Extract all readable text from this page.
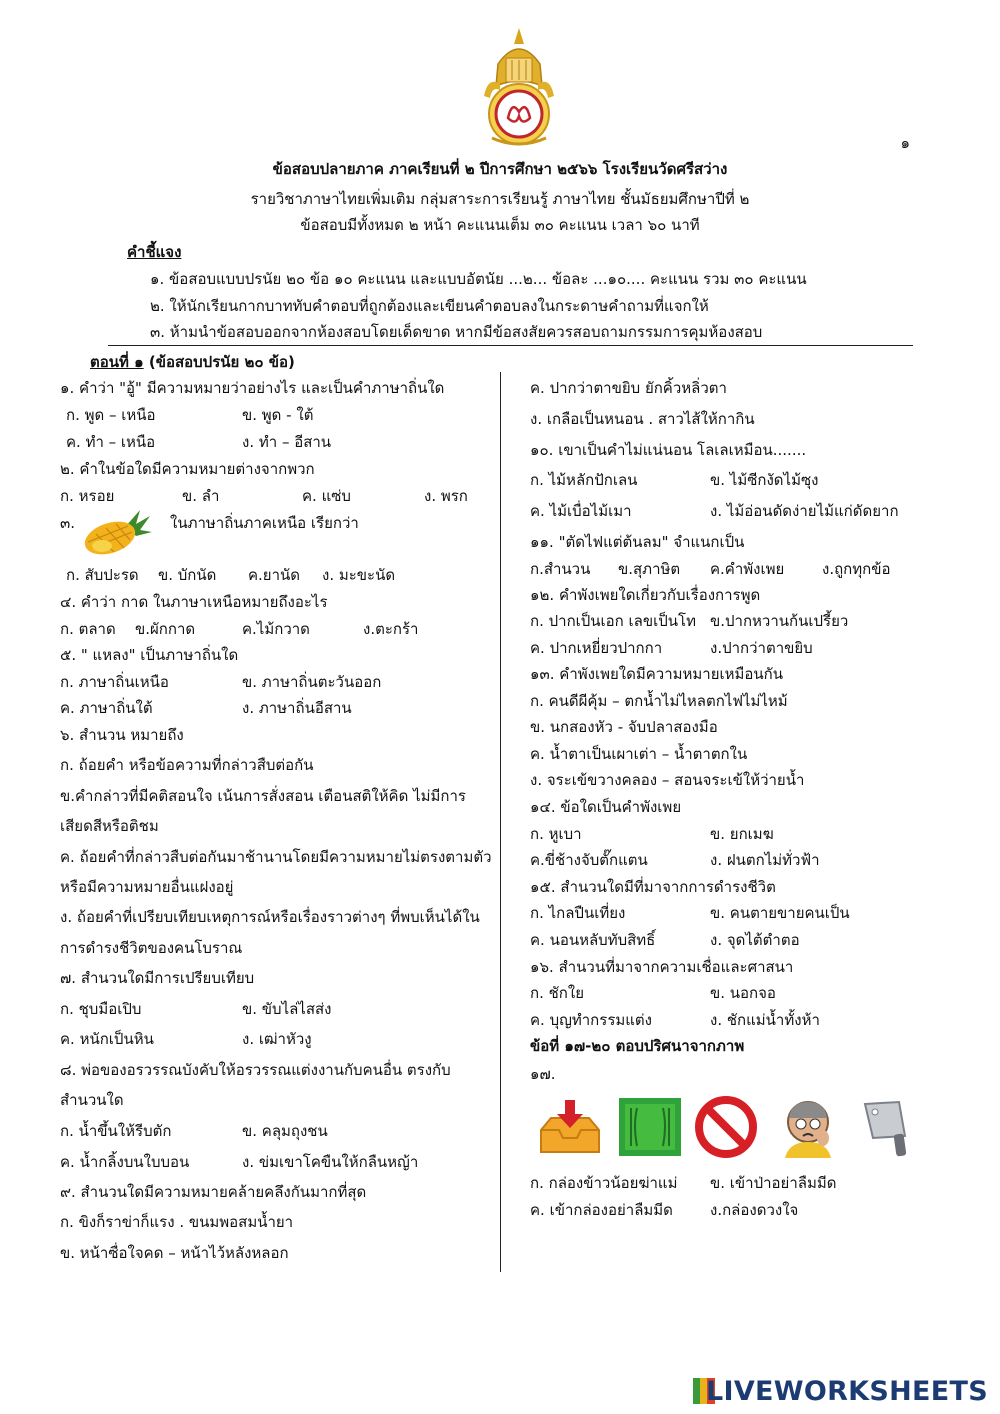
๑
ข้อสอบปลายภาค ภาคเรียนที่ ๒ ปีการศึกษา ๒๕๖๖ โรงเรียนวัดศรีสว่าง
รายวิชาภาษาไทยเพิ่มเติม กลุ่มสาระการเรียนรู้ ภาษาไทย ชั้นมัธยมศึกษาปีที่ ๒
ข้อสอบมีทั้งหมด ๒ หน้า คะแนนเต็ม ๓๐ คะแนน เวลา ๖๐ นาที
คำชี้แจง
๑. ข้อสอบแบบปรนัย ๒๐ ข้อ ๑๐ คะแนน และแบบอัตนัย ...๒... ข้อละ ...๑๐.... คะแนน รวม ๓๐ คะแนน
๒. ให้นักเรียนกากบาททับคำตอบที่ถูกต้องและเขียนคำตอบลงในกระดาษคำถามที่แจกให้
๓. ห้ามนำข้อสอบออกจากห้องสอบโดยเด็ดขาด หากมีข้อสงสัยควรสอบถามกรรมการคุมห้องสอบ
ตอนที่ ๑ (ข้อสอบปรนัย ๒๐ ข้อ)
๑. คำว่า "อู้" มีความหมายว่าอย่างไร และเป็นคำภาษาถิ่นใด
ก. พูด – เหนือ	ข. พูด - ใต้
ค. ทำ – เหนือ	ง. ทำ – อีสาน
๒. คำในข้อใดมีความหมายต่างจากพวก
ก. หรอย	ข. ลำ	ค. แซ่บ	ง. พรก
๓.	ในภาษาถิ่นภาคเหนือ เรียกว่า
ก. สับปะรด ข. บักนัด ค.ยานัด ง. มะขะนัด
๔. คำว่า กาด ในภาษาเหนือหมายถึงอะไร
ก. ตลาด ข.ผักกาด	ค.ไม้กวาด	ง.ตะกร้า
๕. " แหลง" เป็นภาษาถิ่นใด
ก. ภาษาถิ่นเหนือ	ข. ภาษาถิ่นตะวันออก
ค. ภาษาถิ่นใต้	ง. ภาษาถิ่นอีสาน
๖. สำนวน หมายถึง
ก. ถ้อยคำ หรือข้อความที่กล่าวสืบต่อกัน
ข.คำกล่าวที่มีคติสอนใจ เน้นการสั่งสอน เตือนสติให้คิด ไม่มีการ
เสียดสีหรือติชม
ค. ถ้อยคำที่กล่าวสืบต่อกันมาช้านานโดยมีความหมายไม่ตรงตามตัว
หรือมีความหมายอื่นแฝงอยู่
ง. ถ้อยคำที่เปรียบเทียบเหตุการณ์หรือเรื่องราวต่างๆ ที่พบเห็นได้ใน
การดำรงชีวิตของคนโบราณ
๗. สำนวนใดมีการเปรียบเทียบ
ก. ชุบมือเปิบ	ข. ขับไล่ไสส่ง
ค. หนักเป็นหิน	ง. เฒ่าหัวงู
๘. พ่อของอรวรรณบังคับให้อรวรรณแต่งงานกับคนอื่น ตรงกับ
สำนวนใด
ก. น้ำขึ้นให้รีบตัก	ข. คลุมถุงชน
ค. น้ำกลิ้งบนใบบอน	ง. ข่มเขาโคขืนให้กลืนหญ้า
๙. สำนวนใดมีความหมายคล้ายคลึงกันมากที่สุด
ก. ขิงก็ราข่าก็แรง . ขนมพอสมน้ำยา
ข. หน้าซื่อใจคด – หน้าไว้หลังหลอก
ค. ปากว่าตาขยิบ ยักคิ้วหลิ่วตา
ง. เกลือเป็นหนอน . สาวไส้ให้กากิน
๑๐. เขาเป็นคำไม่แน่นอน โลเลเหมือน.......
ก. ไม้หลักปักเลน	ข. ไม้ซีกงัดไม้ซุง
ค. ไม้เบื่อไม้เมา	ง. ไม้อ่อนดัดง่ายไม้แก่ดัดยาก
๑๑. "ตัดไฟแต่ต้นลม" จำแนกเป็น
ก.สำนวน ข.สุภาษิต ค.คำพังเพย	ง.ถูกทุกข้อ
๑๒. คำพังเพยใดเกี่ยวกับเรื่องการพูด
ก. ปากเป็นเอก เลขเป็นโท ข.ปากหวานก้นเปรี้ยว
ค. ปากเหยี่ยวปากกา	ง.ปากว่าตาขยิบ
๑๓. คำพังเพยใดมีความหมายเหมือนกัน
ก. คนดีผีคุ้ม – ตกน้ำไม่ไหลตกไฟไม่ไหม้
ข. นกสองหัว - จับปลาสองมือ
ค. น้ำตาเป็นเผาเต่า – น้ำตาตกใน
ง. จระเข้ขวางคลอง – สอนจระเข้ให้ว่ายน้ำ
๑๔. ข้อใดเป็นคำพังเพย
ก. หูเบา	ข. ยกเมฆ
ค.ขี่ช้างจับตั๊กแตน	ง. ฝนตกไม่ทั่วฟ้า
๑๕. สำนวนใดมีที่มาจากการดำรงชีวิต
ก. ไกลปืนเที่ยง	ข. คนตายขายคนเป็น
ค. นอนหลับทับสิทธิ์	ง. จุดไต้ตำตอ
๑๖. สำนวนที่มาจากความเชื่อและศาสนา
ก. ชักใย	ข. นอกจอ
ค. บุญทำกรรมแต่ง	ง. ชักแม่น้ำทั้งห้า
ข้อที่ ๑๗-๒๐ ตอบปริศนาจากภาพ
๑๗.
ก. กล่องข้าวน้อยฆ่าแม่ ข. เข้าป่าอย่าลืมมีด
ค. เข้ากล่องอย่าลืมมีด ง.กล่องดวงใจ
LIVEWORKSHEETS
